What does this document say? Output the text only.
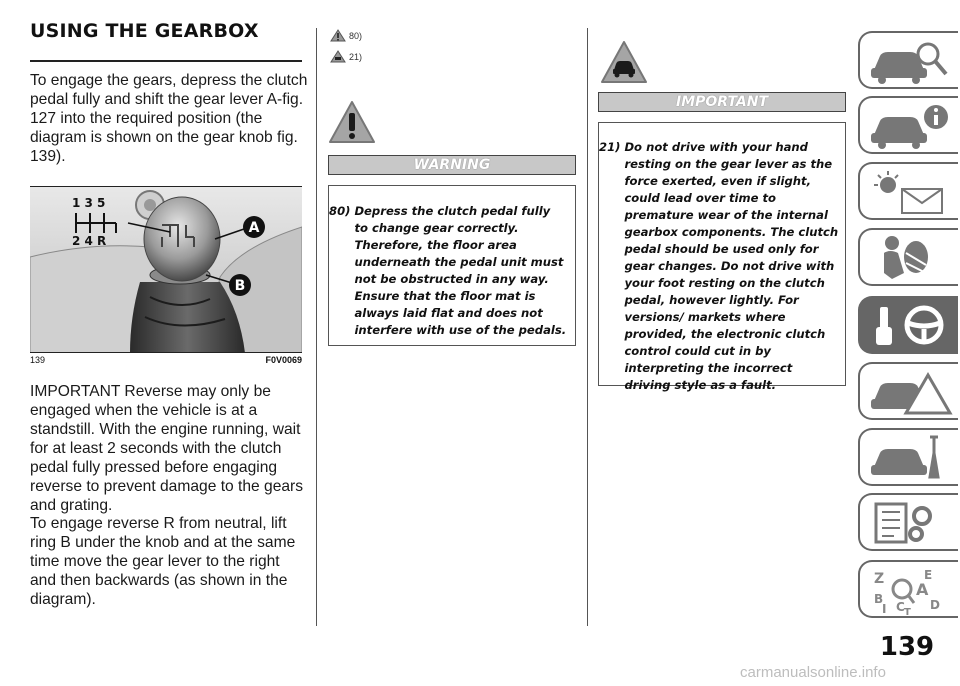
USING THE GEARBOX

To engage the gears, depress the clutch pedal fully and shift the gear lever A-fig. 127 into the required position (the diagram is shown on the gear knob fig. 139).

1 3 5
2 4 R
A
B
139	F0V0069

IMPORTANT Reverse may only be engaged when the vehicle is at a standstill. With the engine running, wait for at least 2 seconds with the clutch pedal fully pressed before engaging reverse to prevent damage to the gears and grating.

To engage reverse R from neutral, lift ring B under the knob and at the same time move the gear lever to the right and then backwards (as shown in the diagram).

80)
21)
WARNING
80) Depress the clutch pedal fully to change gear correctly. Therefore, the floor area underneath the pedal unit must not be obstructed in any way. Ensure that the floor mat is always laid flat and does not interfere with use of the pedals.
IMPORTANT
21) Do not drive with your hand resting on the gear lever as the force exerted, even if slight, could lead over time to premature wear of the internal gearbox components. The clutch pedal should be used only for gear changes. Do not drive with your foot resting on the clutch pedal, however lightly. For versions/ markets where provided, the electronic clutch control could cut in by interpreting the incorrect driving style as a fault.
Z	E
B A
D
I C T
139
carmanualsonline.info
